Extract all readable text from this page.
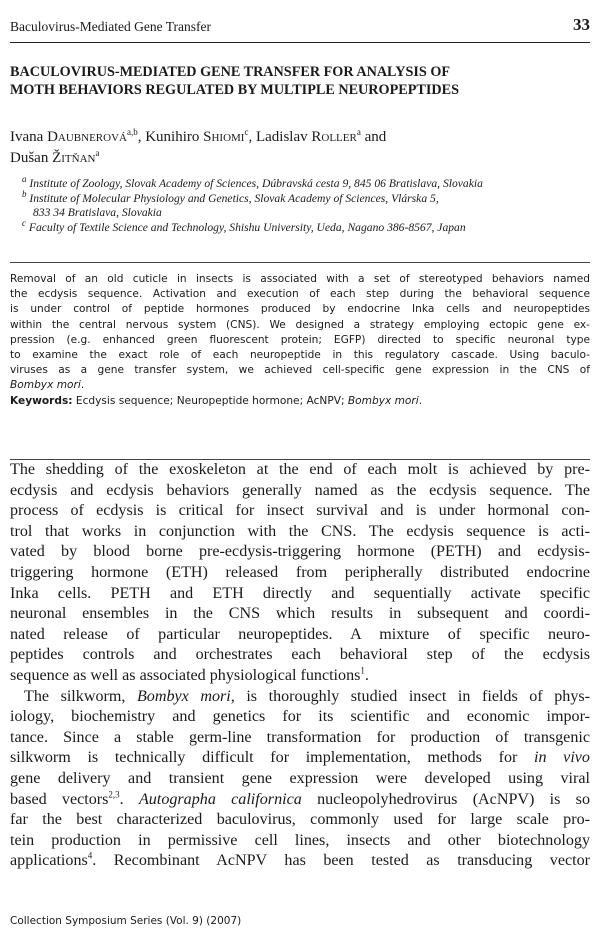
Baculovirus-Mediated Gene Transfer	33
BACULOVIRUS-MEDIATED GENE TRANSFER FOR ANALYSIS OF
MOTH BEHAVIORS REGULATED BY MULTIPLE NEUROPEPTIDES
Ivana Daubnerová$^{a,b}$, Kunihiro Shiomi$^c$, Ladislav Roller$^a$ and
Dušan Žitňan$^a$
$^a$ Institute of Zoology, Slovak Academy of Sciences, Dúbravská cesta 9, 845 06 Bratislava, Slovakia
$^b$ Institute of Molecular Physiology and Genetics, Slovak Academy of Sciences, Vlárska 5,
833 34 Bratislava, Slovakia
$^c$ Faculty of Textile Science and Technology, Shishu University, Ueda, Nagano 386-8567, Japan
Removal of an old cuticle in insects is associated with a set of stereotyped behaviors named
the ecdysis sequence. Activation and execution of each step during the behavioral sequence
is under control of peptide hormones produced by endocrine Inka cells and neuropeptides
within the central nervous system (CNS). We designed a strategy employing ectopic gene ex-
pression (e.g. enhanced green fluorescent protein; EGFP) directed to specific neuronal type
to examine the exact role of each neuropeptide in this regulatory cascade. Using baculo-
viruses as a gene transfer system, we achieved cell-specific gene expression in the CNS of
Bombyx mori.
Keywords: Ecdysis sequence; Neuropeptide hormone; AcNPV; Bombyx mori.
The shedding of the exoskeleton at the end of each molt is achieved by pre-
ecdysis and ecdysis behaviors generally named as the ecdysis sequence. The
process of ecdysis is critical for insect survival and is under hormonal con-
trol that works in conjunction with the CNS. The ecdysis sequence is acti-
vated by blood borne pre-ecdysis-triggering hormone (PETH) and ecdysis-
triggering hormone (ETH) released from peripherally distributed endocrine
Inka cells. PETH and ETH directly and sequentially activate specific
neuronal ensembles in the CNS which results in subsequent and coordi-
nated release of particular neuropeptides. A mixture of specific neuro-
peptides controls and orchestrates each behavioral step of the ecdysis
sequence as well as associated physiological functions$^1$.
The silkworm, Bombyx mori, is thoroughly studied insect in fields of phys-
iology, biochemistry and genetics for its scientific and economic impor-
tance. Since a stable germ-line transformation for production of transgenic
silkworm is technically difficult for implementation, methods for in vivo
gene delivery and transient gene expression were developed using viral
based vectors$^{2,3}$. Autographa californica nucleopolyhedrovirus (AcNPV) is so
far the best characterized baculovirus, commonly used for large scale pro-
tein production in permissive cell lines, insects and other biotechnology
applications$^4$. Recombinant AcNPV has been tested as transducing vector
Collection Symposium Series (Vol. 9) (2007)
